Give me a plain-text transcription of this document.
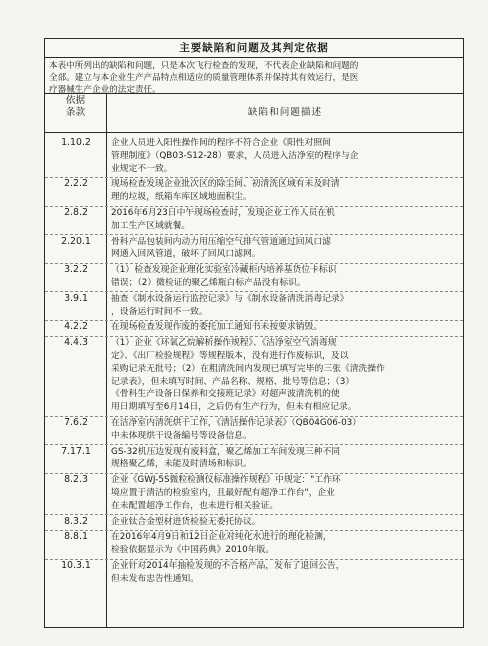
主要缺陷和问题及其判定依据
本表中所列出的缺陷和问题，只是本次飞行检查的发现，不代表企业缺陷和问题的
全部。建立与本企业生产产品特点相适应的质量管理体系并保持其有效运行，是医
疗器械生产企业的法定责任。
依据
条款	缺陷和问题描述
1.10.2
2.2.2
2.8.2
2.20.1
3.2.2
3.9.1
4.2.2
4.4.3
7.6.2
7.17.1
8.2.3
8.3.2
8.8.1
10.3.1
企业人员进入阳性操作间的程序不符合企业《阳性对照间
管理制度》（QB03-S12-28）要求，人员进入洁净室的程序与企
业规定不一致。
现场检查发现企业批次区的除尘间、初清洗区域有未及时清
理的垃圾，纸箱车库区域地面积尘。
2016年6月23日中午现场检查时，发现企业工作人员在机
加工生产区域就餐。
骨科产品包装间内动力用压缩空气排气管道通过回风口滤
网通入回风管道，破坏了回风口滤网。
（1）检查发现企业理化实验室冷藏柜内培养基货位卡标识
错误；（2）微检证的聚乙烯瓶白标产品没有标识。
抽查《制水设备运行监控记录》与《制水设备清洗消毒记录》
，设备运行时间不一致。
在现场检查发现作废的委托加工通知书未按要求销毁。
（1）企业《环氧乙烷解析操作规程》、《洁净室空气消毒规
定》、《出厂检验规程》等规程版本，没有进行作废标识，及以
采购记录无批号；（2）在粗清洗间内发现已填写完毕的三张《清洗操作
记录表》，但未填写时间、产品名称、规格、批号等信息；（3）
《骨科生产设备日保养和交接班记录》对超声波清洗机的使
用日期填写至6月14日，之后仍有生产行为，但未有相应记录。
在洁净室内清洗烘干工作，《清洁操作记录表》（QB04G06-03）
中未体现烘干设备编号等设备信息。
GS-32机压边发现有废料盒，聚乙烯加工车间发现三种不同
规格聚乙烯，未能及时清场和标识。
企业《GWJ-5S微粒检测仪标准操作规程》中规定："工作环
境应置于清洁的检验室内，且最好配有超净工作台"，企业
在未配置超净工作台，也未进行相关验证。
企业钛合金型材进货检验无委托协议。
在2016年4月9日和12日企业对纯化水进行的理化检测，
检验依据显示为《中国药典》2010年版。
企业针对2014年抽检发现的不合格产品，发布了退回公告，
但未发布忠告性通知。
